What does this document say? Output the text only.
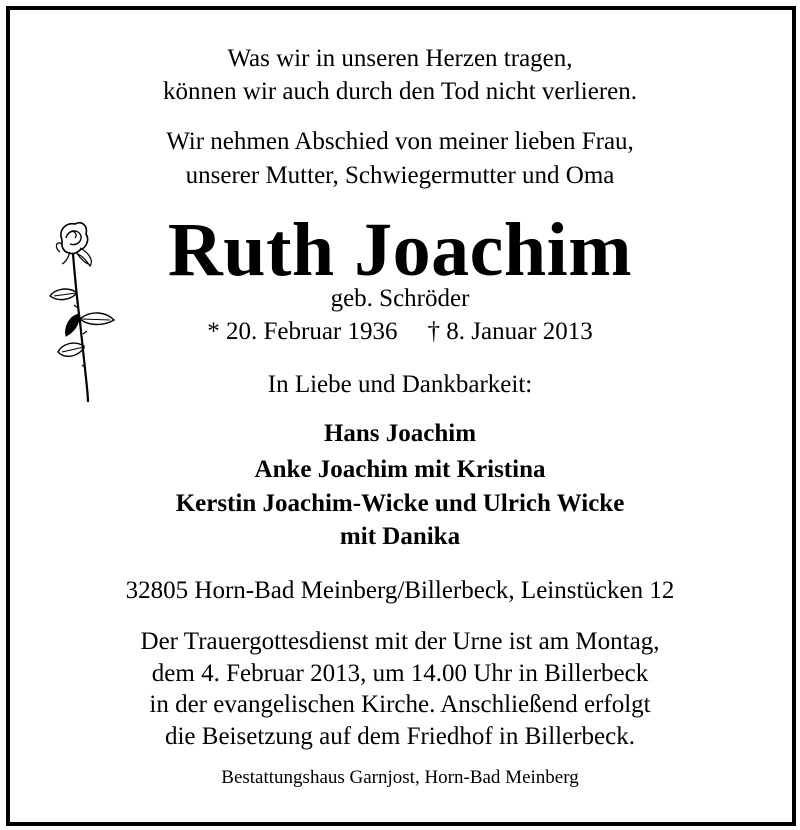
Was wir in unseren Herzen tragen,
können wir auch durch den Tod nicht verlieren.
Wir nehmen Abschied von meiner lieben Frau,
unserer Mutter, Schwiegermutter und Oma
Ruth Joachim
geb. Schröder
* 20. Februar 1936 † 8. Januar 2013
In Liebe und Dankbarkeit:
Hans Joachim
Anke Joachim mit Kristina
Kerstin Joachim-Wicke und Ulrich Wicke
mit Danika
32805 Horn-Bad Meinberg/Billerbeck, Leinstücken 12
Der Trauergottesdienst mit der Urne ist am Montag,
dem 4. Februar 2013, um 14.00 Uhr in Billerbeck
in der evangelischen Kirche. Anschließend erfolgt
die Beisetzung auf dem Friedhof in Billerbeck.
Bestattungshaus Garnjost, Horn-Bad Meinberg
